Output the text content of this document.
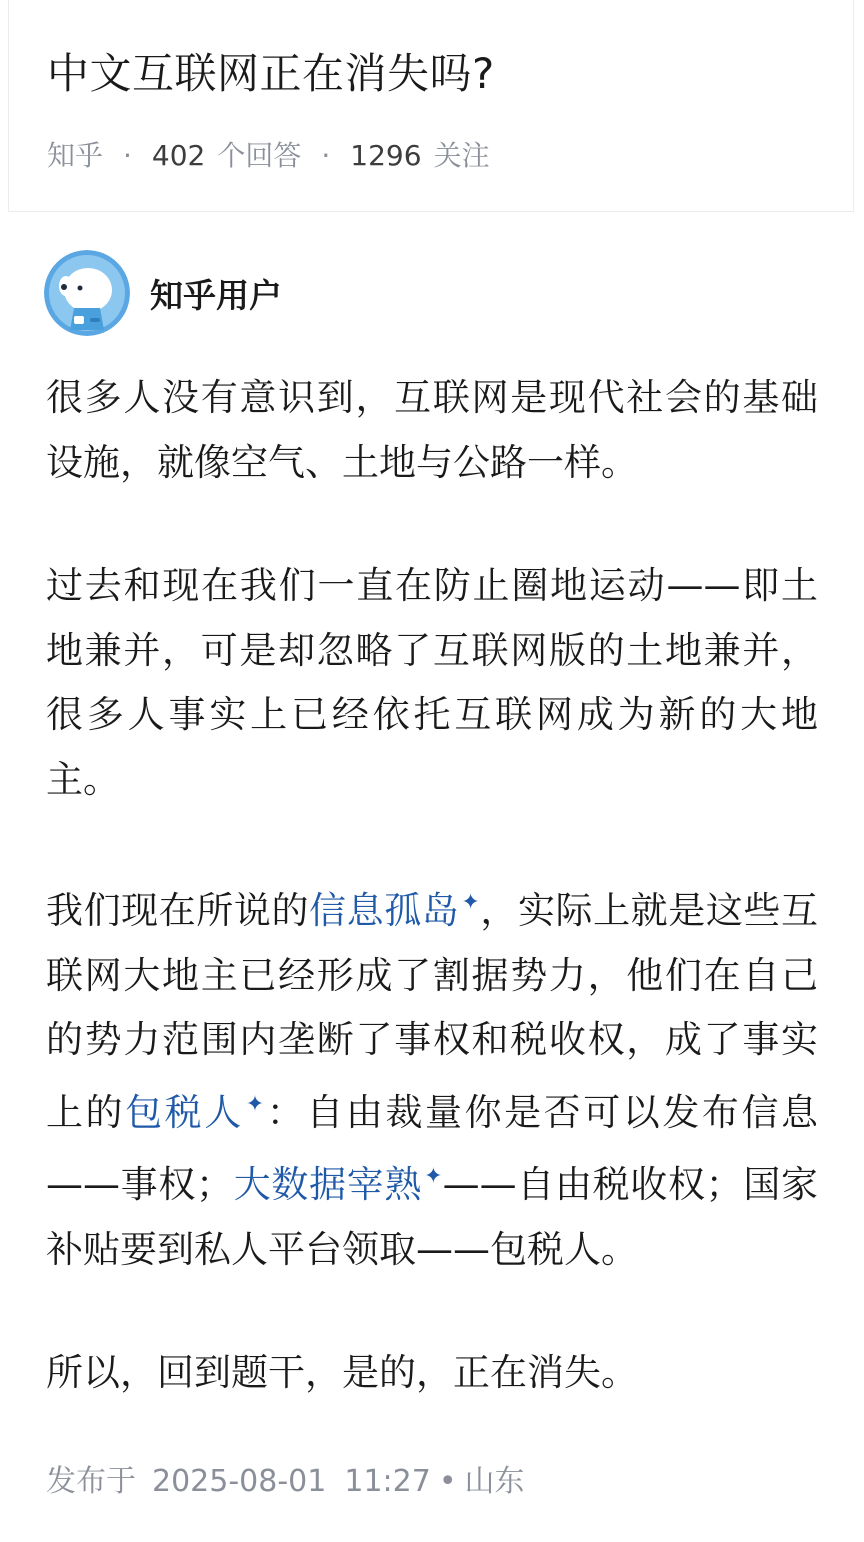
中文互联网正在消失吗?
知乎 · 402 个回答 · 1296 关注
知乎用户

很多人没有意识到，互联网是现代社会的基础设施，就像空气、土地与公路一样。

过去和现在我们一直在防止圈地运动——即土地兼并，可是却忽略了互联网版的土地兼并，很多人事实上已经依托互联网成为新的大地主。

我们现在所说的信息孤岛✦，实际上就是这些互联网大地主已经形成了割据势力，他们在自己的势力范围内垄断了事权和税收权，成了事实上的包税人✦：自由裁量你是否可以发布信息——事权；大数据宰熟✦——自由税收权；国家补贴要到私人平台领取——包税人。

所以，回到题干，是的，正在消失。

发布于 2025-08-01 11:27 • 山东
